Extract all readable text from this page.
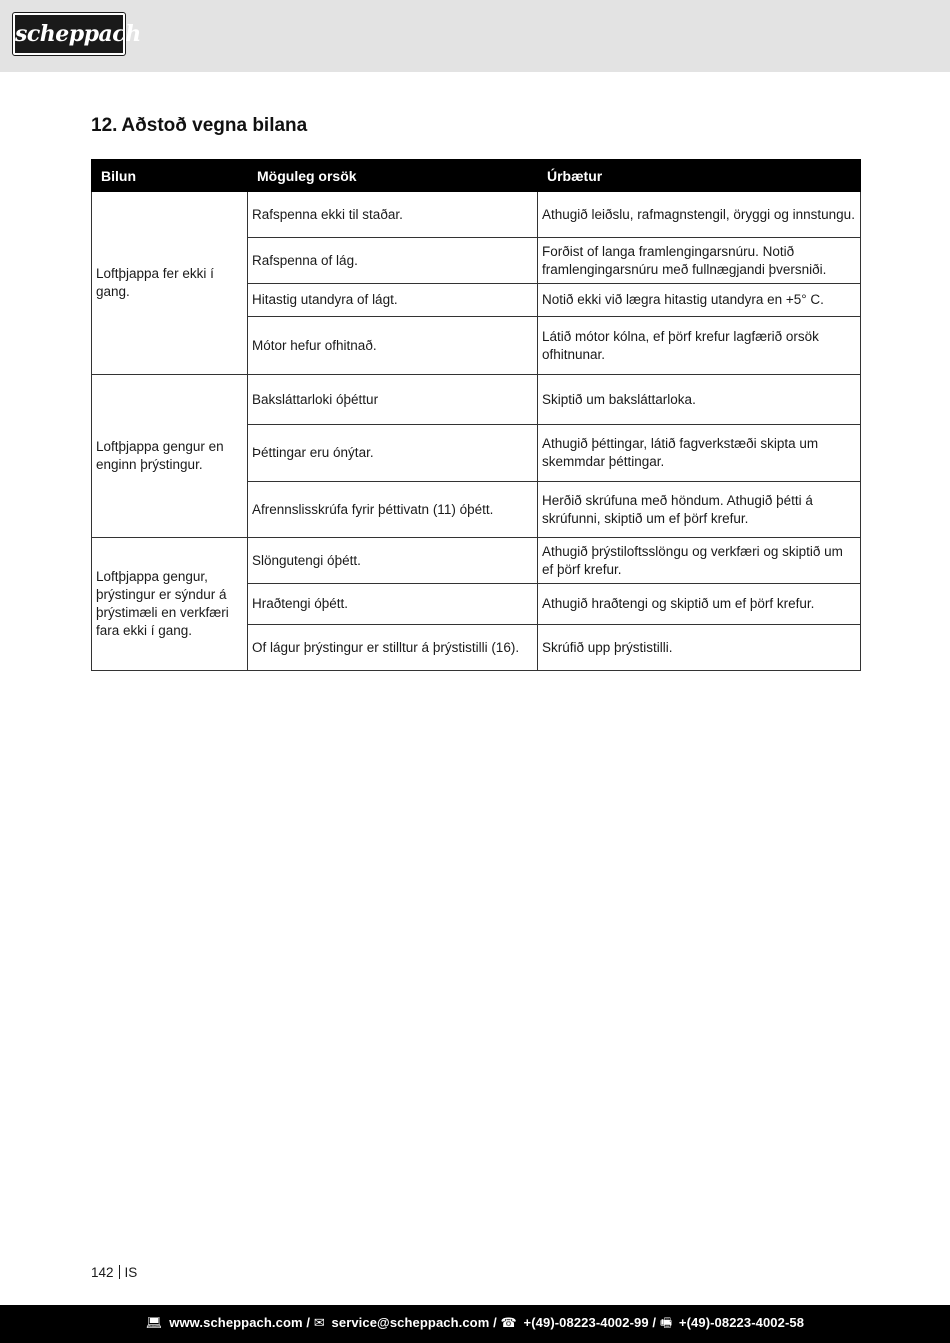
scheppach
12. Aðstoð vegna bilana
Bilun	Möguleg orsök	Úrbætur
Loftþjappa fer ekki í gang.	Rafspenna ekki til staðar.	Athugið leiðslu, rafmagnstengil, öryggi og innstungu.
	Rafspenna of lág.	Forðist of langa framlengingarsnúru. Notið framlengingarsnúru með fullnægjandi þversniði.
	Hitastig utandyra of lágt.	Notið ekki við lægra hitastig utandyra en +5° C.
	Mótor hefur ofhitnað.	Látið mótor kólna, ef þörf krefur lagfærið orsök ofhitnunar.
Loftþjappa gengur en enginn þrýstingur.	Baksláttarloki óþéttur	Skiptið um baksláttarloka.
	Þéttingar eru ónýtar.	Athugið þéttingar, látið fagverkstæði skipta um skemmdar þéttingar.
	Afrennslisskrúfa fyrir þéttivatn (11) óþétt.	Herðið skrúfuna með höndum. Athugið þétti á skrúfunni, skiptið um ef þörf krefur.
Loftþjappa gengur, þrýstingur er sýndur á þrýstimæli en verkfæri fara ekki í gang.	Slöngutengi óþétt.	Athugið þrýstiloftsslöngu og verkfæri og skiptið um ef þörf krefur.
	Hraðtengi óþétt.	Athugið hraðtengi og skiptið um ef þörf krefur.
	Of lágur þrýstingur er stilltur á þrýstistilli (16).	Skrúfið upp þrýstistilli.
142 IS
💻︎ www.scheppach.com / ✉︎ service@scheppach.com / ☎ +(49)-08223-4002-99 / 🖷︎ +(49)-08223-4002-58
